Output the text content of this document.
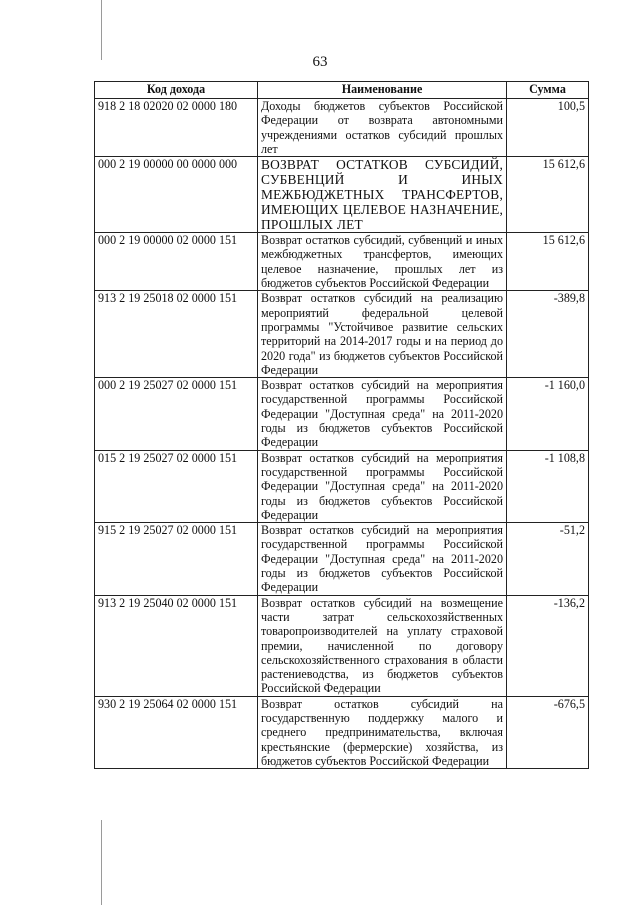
63
Код дохода	Наименование	Сумма
918 2 18 02020 02 0000 180	Доходы бюджетов субъектов Российской Федерации от возврата автономными учреждениями остатков субсидий прошлых лет	100,5
000 2 19 00000 00 0000 000	ВОЗВРАТ ОСТАТКОВ СУБСИДИЙ, СУБВЕНЦИЙ И ИНЫХ МЕЖБЮДЖЕТНЫХ ТРАНСФЕРТОВ, ИМЕЮЩИХ ЦЕЛЕВОЕ НАЗНАЧЕНИЕ, ПРОШЛЫХ ЛЕТ	15 612,6
000 2 19 00000 02 0000 151	Возврат остатков субсидий, субвенций и иных межбюджетных трансфертов, имеющих целевое назначение, прошлых лет из бюджетов субъектов Российской Федерации	15 612,6
913 2 19 25018 02 0000 151	Возврат остатков субсидий на реализацию мероприятий федеральной целевой программы "Устойчивое развитие сельских территорий на 2014-2017 годы и на период до 2020 года" из бюджетов субъектов Российской Федерации	-389,8
000 2 19 25027 02 0000 151	Возврат остатков субсидий на мероприятия государственной программы Российской Федерации "Доступная среда" на 2011-2020 годы из бюджетов субъектов Российской Федерации	-1 160,0
015 2 19 25027 02 0000 151	Возврат остатков субсидий на мероприятия государственной программы Российской Федерации "Доступная среда" на 2011-2020 годы из бюджетов субъектов Российской Федерации	-1 108,8
915 2 19 25027 02 0000 151	Возврат остатков субсидий на мероприятия государственной программы Российской Федерации "Доступная среда" на 2011-2020 годы из бюджетов субъектов Российской Федерации	-51,2
913 2 19 25040 02 0000 151	Возврат остатков субсидий на возмещение части затрат сельскохозяйственных товаропроизводителей на уплату страховой премии, начисленной по договору сельскохозяйственного страхования в области растениеводства, из бюджетов субъектов Российской Федерации	-136,2
930 2 19 25064 02 0000 151	Возврат остатков субсидий на государственную поддержку малого и среднего предпринимательства, включая крестьянские (фермерские) хозяйства, из бюджетов субъектов Российской Федерации	-676,5
